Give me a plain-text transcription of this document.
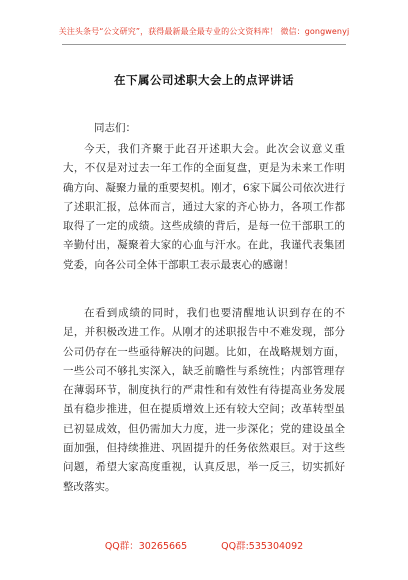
关注头条号“公文研究”，获得最新最全最专业的公文资料库！ 微信：gongwenyj
在下属公司述职大会上的点评讲话
同志们：

今天，我们齐聚于此召开述职大会。此次会议意义重大，不仅是对过去一年工作的全面复盘，更是为未来工作明确方向、凝聚力量的重要契机。刚才，6家下属公司依次进行了述职汇报，总体而言，通过大家的齐心协力，各项工作都取得了一定的成绩。这些成绩的背后，是每一位干部职工的辛勤付出，凝聚着大家的心血与汗水。在此，我谨代表集团党委，向各公司全体干部职工表示最衷心的感谢！

在看到成绩的同时，我们也要清醒地认识到存在的不足，并积极改进工作。从刚才的述职报告中不难发现，部分公司仍存在一些亟待解决的问题。比如，在战略规划方面，一些公司不够扎实深入，缺乏前瞻性与系统性；内部管理存在薄弱环节，制度执行的严肃性和有效性有待提高业务发展虽有稳步推进，但在提质增效上还有较大空间；改革转型虽已初显成效，但仍需加大力度，进一步深化；党的建设虽全面加强，但持续推进、巩固提升的任务依然艰巨。对于这些问题，希望大家高度重视，认真反思，举一反三，切实抓好整改落实。

QQ群：30265665	QQ群:535304092
